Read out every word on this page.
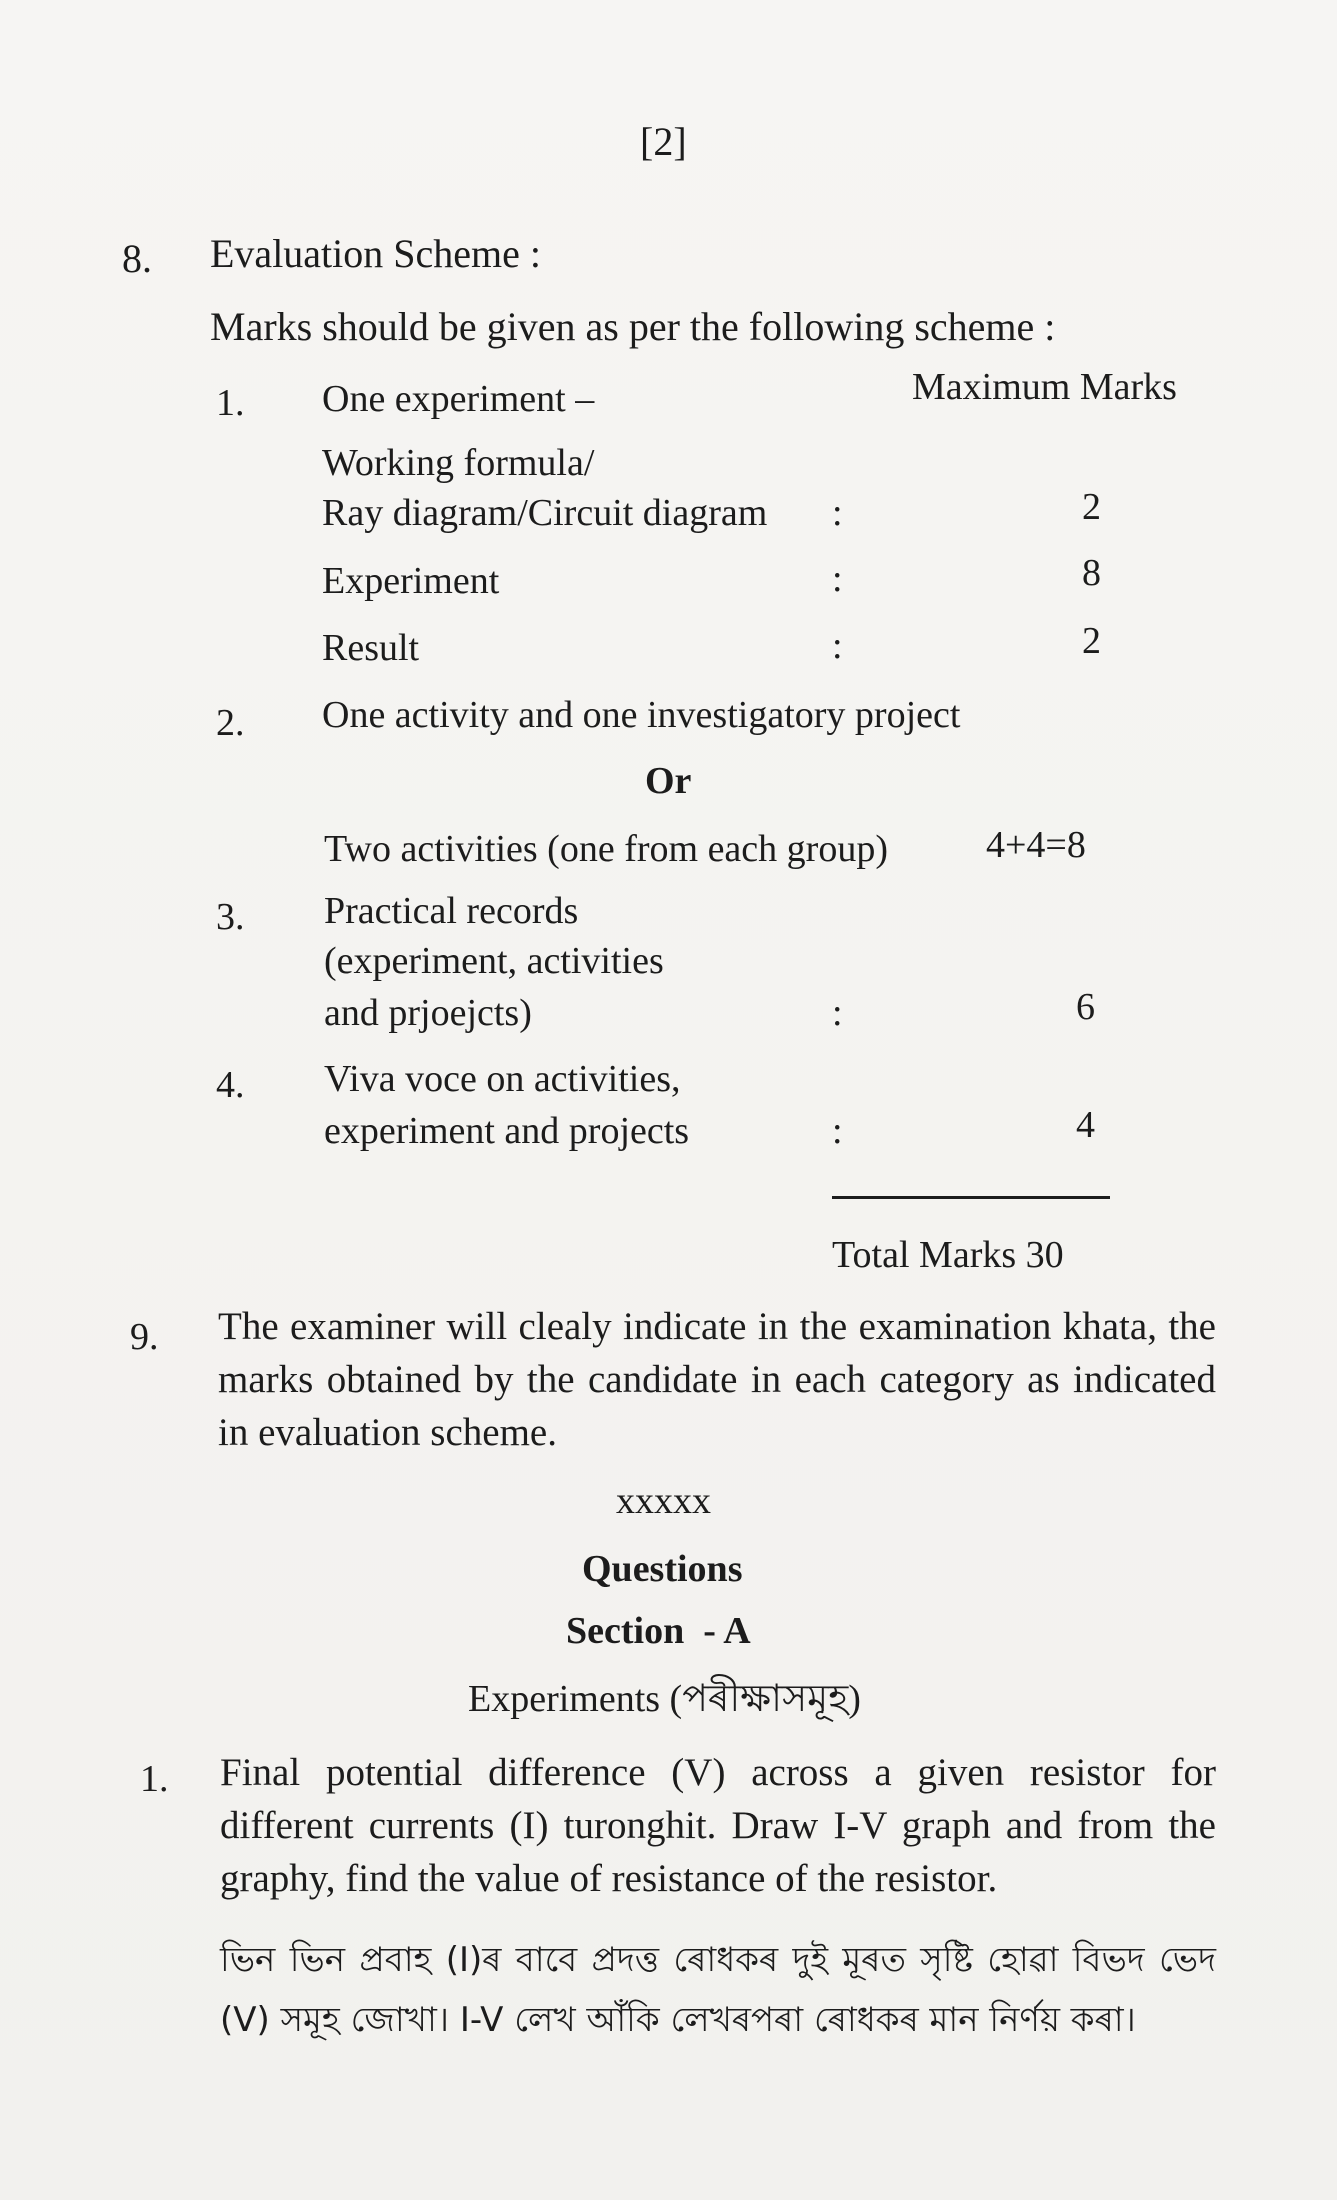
[2]
8. Evaluation Scheme :
Marks should be given as per the following scheme :
1. One experiment –	Maximum Marks
Working formula/
Ray diagram/Circuit diagram :	2
Experiment	:	8
Result	:	2
2. One activity and one investigatory project
Or
Two activities (one from each group)	4+4=8
3. Practical records
(experiment, activities
and prjoejcts)	:	6
4. Viva voce on activities,
experiment and projects	:	4
Total Marks 30
9. The examiner will clealy indicate in the examination khata, the marks obtained by the candidate in each category as indicated in evaluation scheme.
xxxxx
Questions
Section  - A
Experiments (পৰীক্ষাসমূহ)
1. Final potential difference (V) across a given resistor for different currents (I) turonghit. Draw I-V graph and from the graphy, find the value of resistance of the resistor.
ভিন ভিন প্ৰবাহ (I)ৰ বাবে প্ৰদত্ত ৰোধকৰ দুই মূৰত সৃষ্টি হোৱা বিভদ ভেদ (V) সমূহ জোখা। I-V লেখ আঁকি লেখৰপৰা ৰোধকৰ মান নিৰ্ণয় কৰা।
